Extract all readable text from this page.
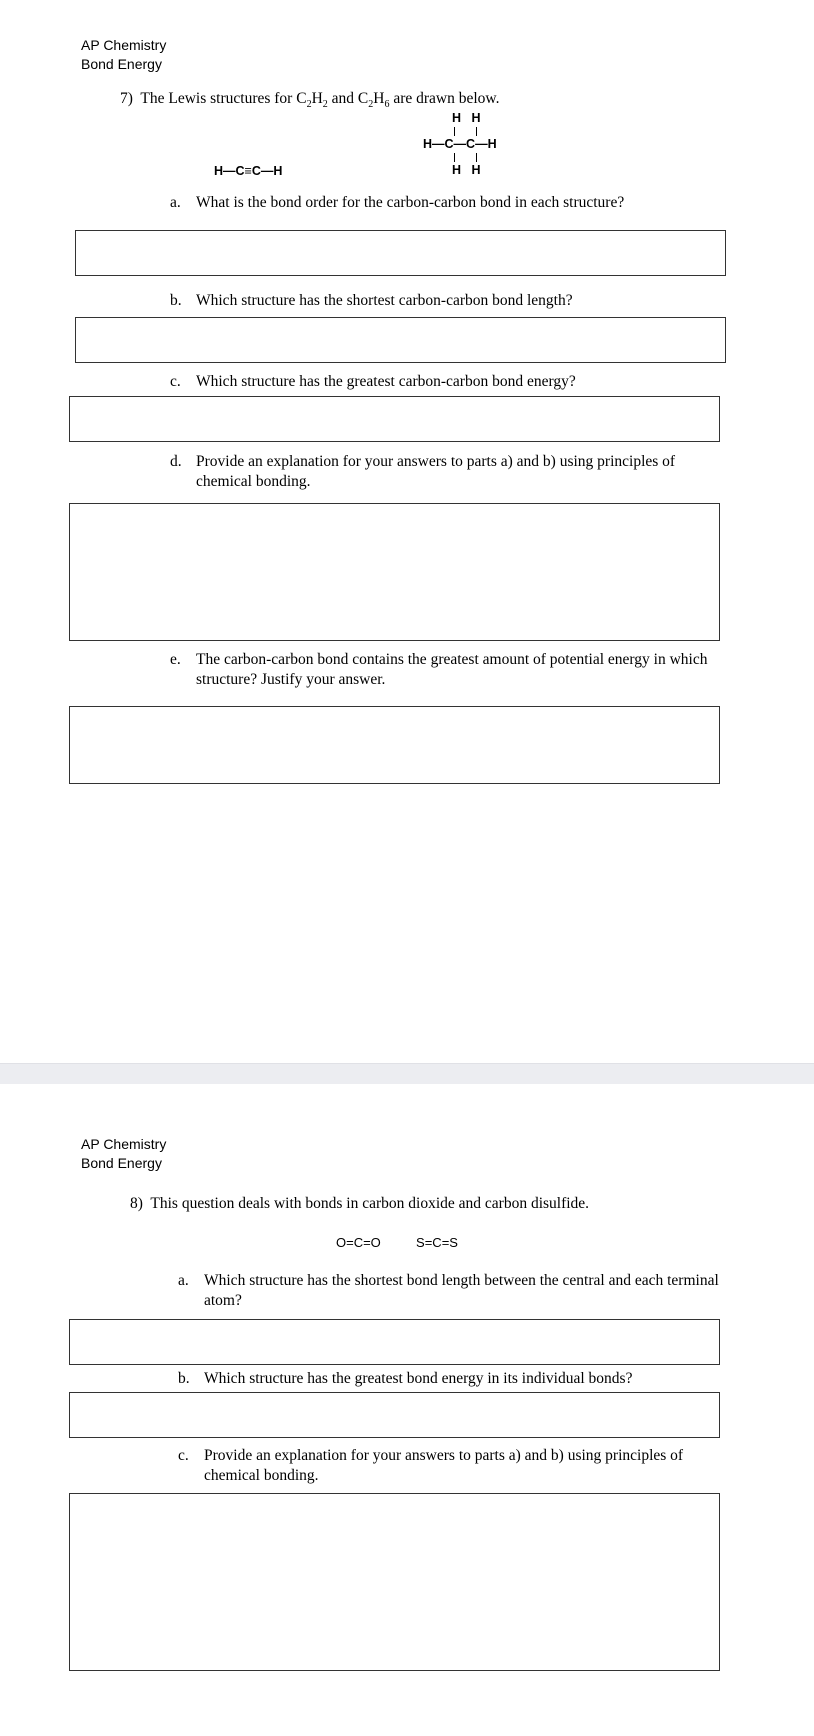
AP Chemistry
Bond Energy
7) The Lewis structures for $C_2H_2$ and $C_2H_6$ are drawn below.
H   H
H—C—C—H
H   H
H—C≡C—H
a. What is the bond order for the carbon-carbon bond in each structure?
b. Which structure has the shortest carbon-carbon bond length?
c. Which structure has the greatest carbon-carbon bond energy?
d. Provide an explanation for your answers to parts a) and b) using principles of chemical bonding.
e. The carbon-carbon bond contains the greatest amount of potential energy in which structure? Justify your answer.
AP Chemistry
Bond Energy
8) This question deals with bonds in carbon dioxide and carbon disulfide.
O=C=O	S=C=S
a. Which structure has the shortest bond length between the central and each terminal atom?
b. Which structure has the greatest bond energy in its individual bonds?
c. Provide an explanation for your answers to parts a) and b) using principles of chemical bonding.
